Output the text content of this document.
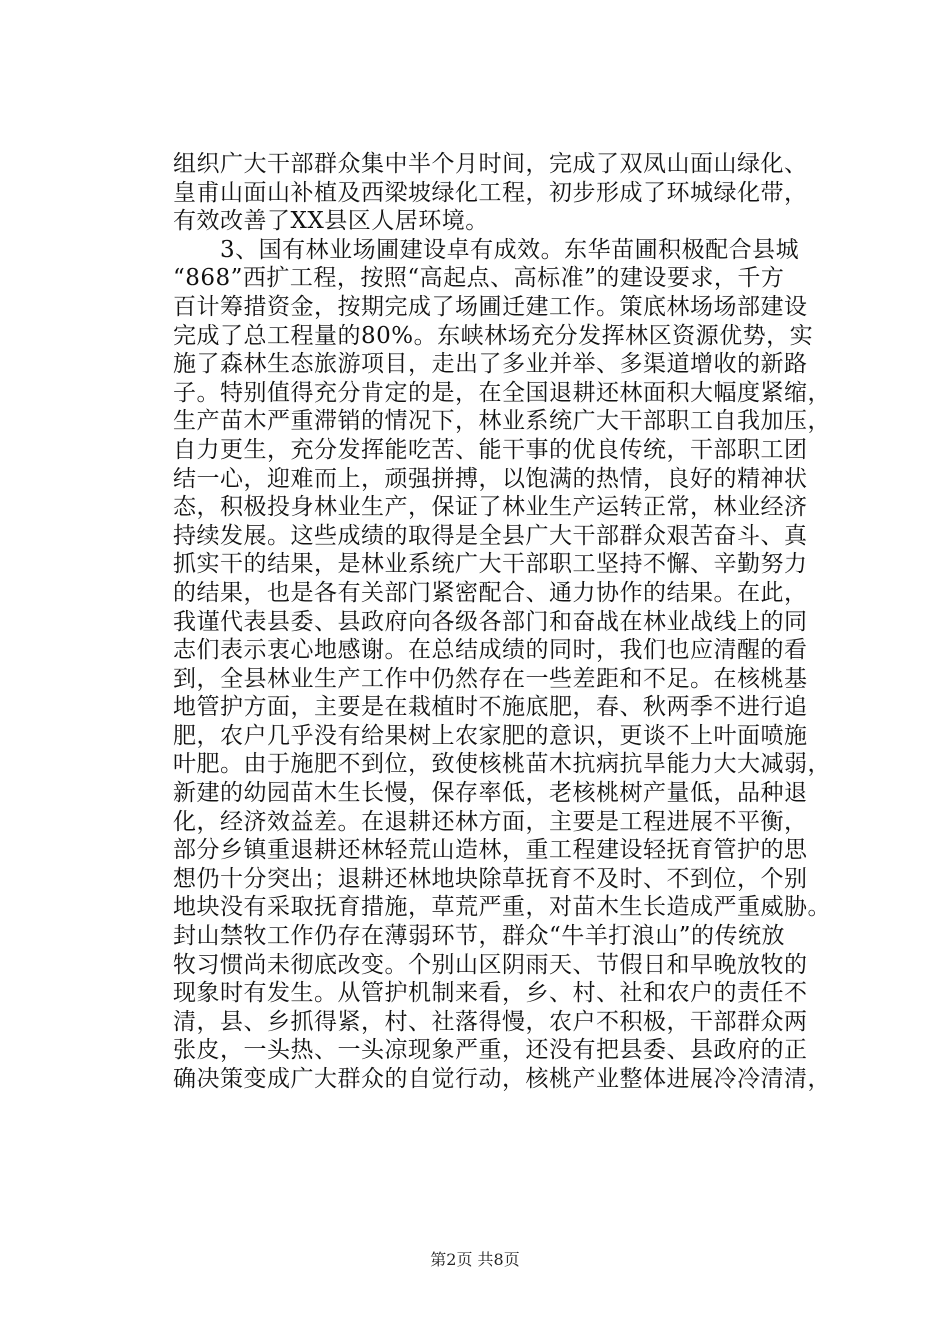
组织广大干部群众集中半个月时间，完成了双凤山面山绿化、
皇甫山面山补植及西梁坡绿化工程，初步形成了环城绿化带，
有效改善了XX县区人居环境。
　　3、国有林业场圃建设卓有成效。东华苗圃积极配合县城
“868”西扩工程，按照“高起点、高标准”的建设要求，千方
百计筹措资金，按期完成了场圃迁建工作。策底林场场部建设
完成了总工程量的80%。东峡林场充分发挥林区资源优势，实
施了森林生态旅游项目，走出了多业并举、多渠道增收的新路
子。特别值得充分肯定的是，在全国退耕还林面积大幅度紧缩，
生产苗木严重滞销的情况下，林业系统广大干部职工自我加压，
自力更生，充分发挥能吃苦、能干事的优良传统，干部职工团
结一心，迎难而上，顽强拼搏，以饱满的热情，良好的精神状
态，积极投身林业生产，保证了林业生产运转正常，林业经济
持续发展。这些成绩的取得是全县广大干部群众艰苦奋斗、真
抓实干的结果，是林业系统广大干部职工坚持不懈、辛勤努力
的结果，也是各有关部门紧密配合、通力协作的结果。在此，
我谨代表县委、县政府向各级各部门和奋战在林业战线上的同
志们表示衷心地感谢。在总结成绩的同时，我们也应清醒的看
到，全县林业生产工作中仍然存在一些差距和不足。在核桃基
地管护方面，主要是在栽植时不施底肥，春、秋两季不进行追
肥，农户几乎没有给果树上农家肥的意识，更谈不上叶面喷施
叶肥。由于施肥不到位，致使核桃苗木抗病抗旱能力大大减弱，
新建的幼园苗木生长慢，保存率低，老核桃树产量低，品种退
化，经济效益差。在退耕还林方面，主要是工程进展不平衡，
部分乡镇重退耕还林轻荒山造林，重工程建设轻抚育管护的思
想仍十分突出；退耕还林地块除草抚育不及时、不到位，个别
地块没有采取抚育措施，草荒严重，对苗木生长造成严重威胁。
封山禁牧工作仍存在薄弱环节，群众“牛羊打浪山”的传统放
牧习惯尚未彻底改变。个别山区阴雨天、节假日和早晚放牧的
现象时有发生。从管护机制来看，乡、村、社和农户的责任不
清，县、乡抓得紧，村、社落得慢，农户不积极，干部群众两
张皮，一头热、一头凉现象严重，还没有把县委、县政府的正
确决策变成广大群众的自觉行动，核桃产业整体进展冷冷清清，
第2页 共8页
